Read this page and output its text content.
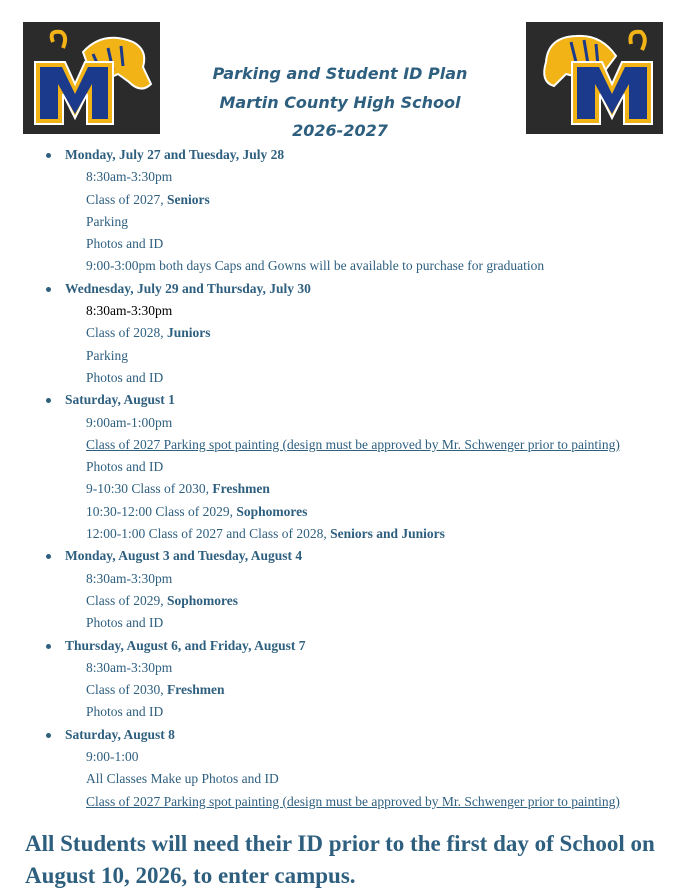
Parking and Student ID Plan
Martin County High School
2026-2027
Monday, July 27 and Tuesday, July 28
8:30am-3:30pm
Class of 2027, Seniors
Parking
Photos and ID
9:00-3:00pm both days Caps and Gowns will be available to purchase for graduation
Wednesday, July 29 and Thursday, July 30
8:30am-3:30pm
Class of 2028, Juniors
Parking
Photos and ID
Saturday, August 1
9:00am-1:00pm
Class of 2027 Parking spot painting (design must be approved by Mr. Schwenger prior to painting)
Photos and ID
9-10:30 Class of 2030, Freshmen
10:30-12:00 Class of 2029, Sophomores
12:00-1:00 Class of 2027 and Class of 2028, Seniors and Juniors
Monday, August 3 and Tuesday, August 4
8:30am-3:30pm
Class of 2029, Sophomores
Photos and ID
Thursday, August 6, and Friday, August 7
8:30am-3:30pm
Class of 2030, Freshmen
Photos and ID
Saturday, August 8
9:00-1:00
All Classes Make up Photos and ID
Class of 2027 Parking spot painting (design must be approved by Mr. Schwenger prior to painting)
All Students will need their ID prior to the first day of School on
August 10, 2026, to enter campus.
